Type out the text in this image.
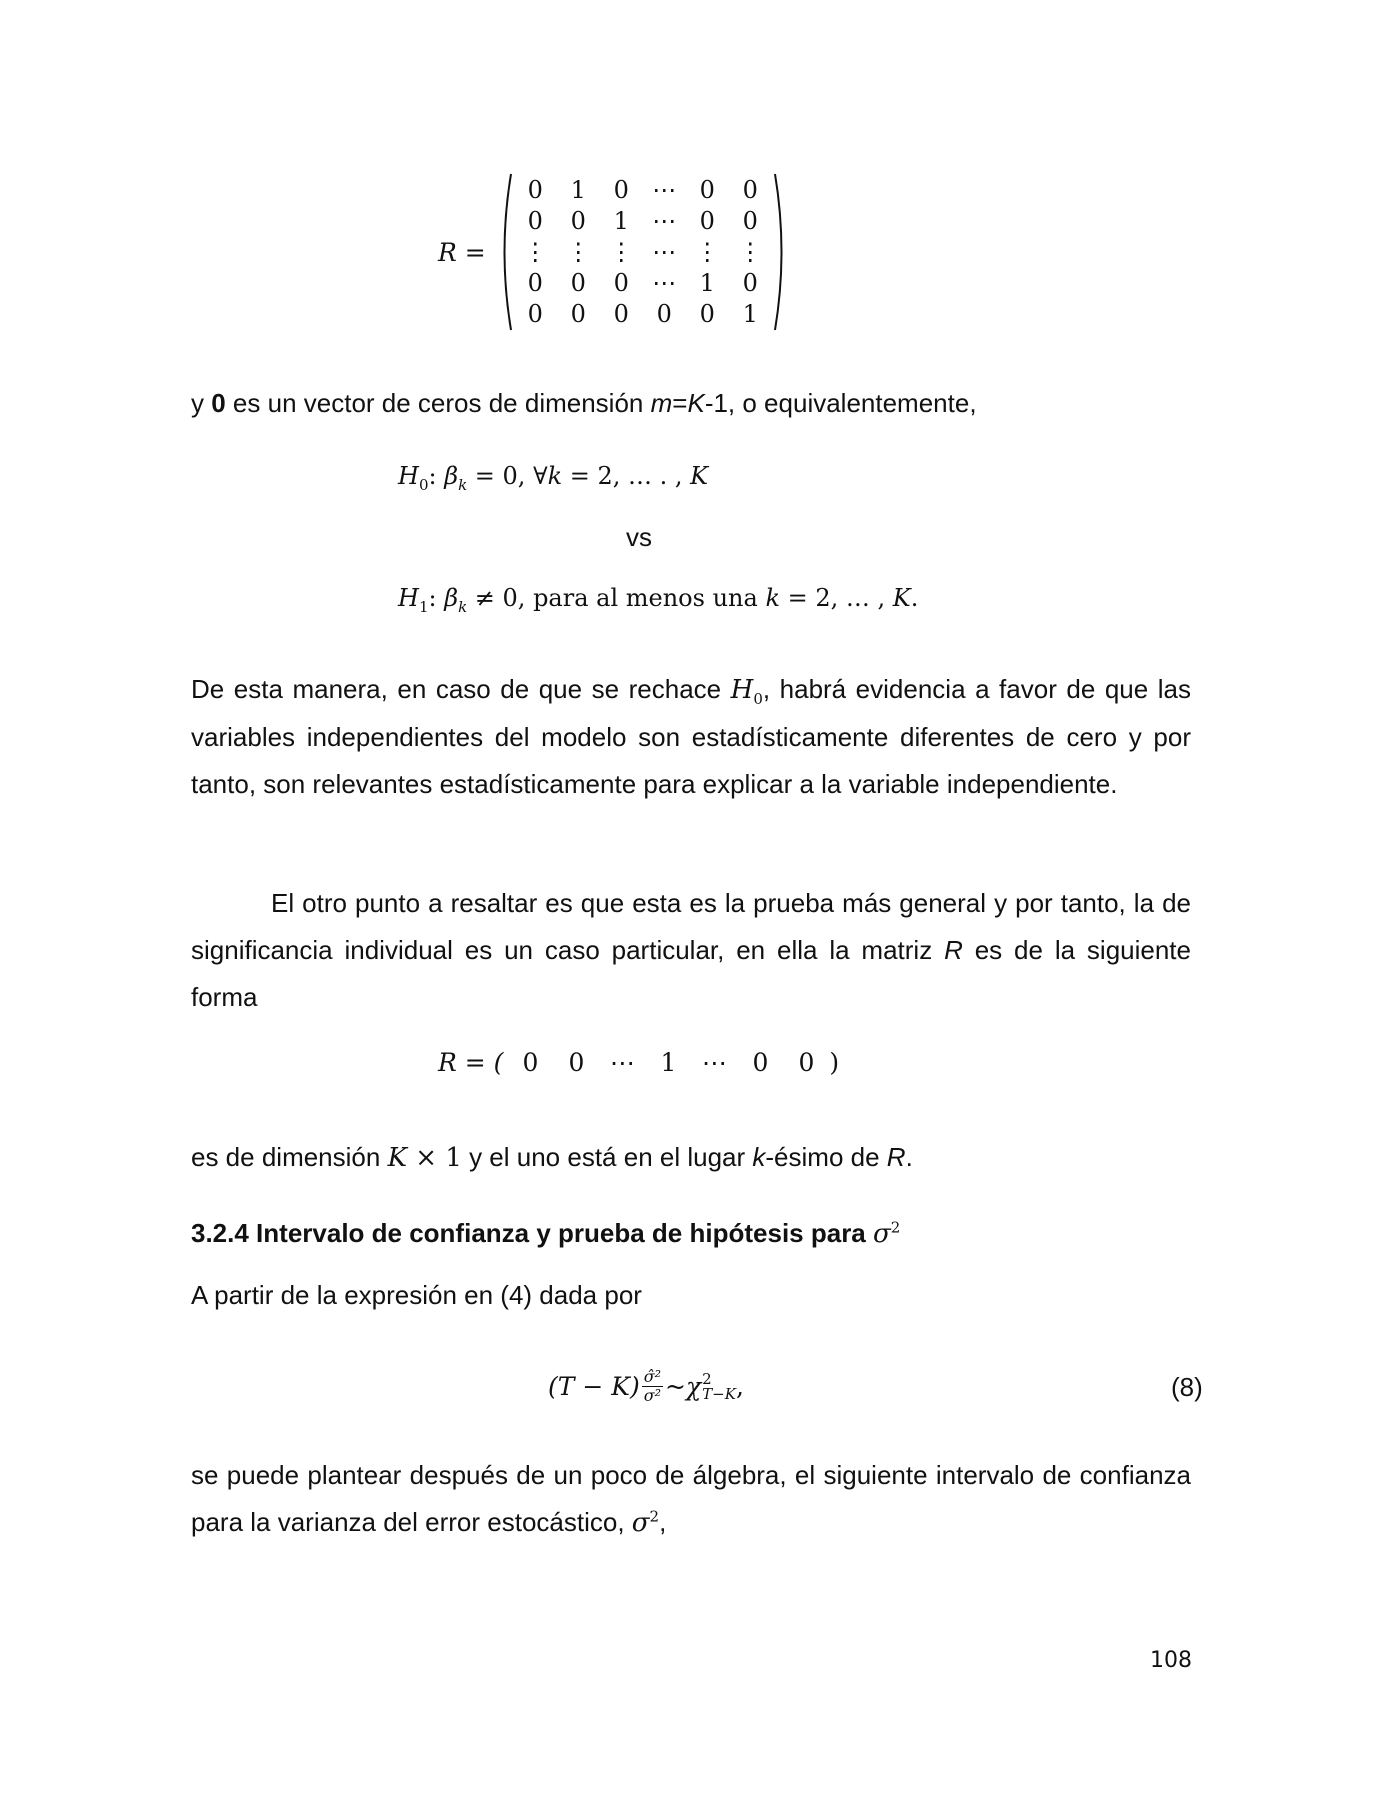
R =
0 1 0 ⋯ 0 0
0 0 1 ⋯ 0 0
⋮ ⋮ ⋮ ⋯ ⋮ ⋮
0 0 0 ⋯ 1 0
0 0 0 0 0 1
y 0 es un vector de ceros de dimensión m=K-1, o equivalentemente,
$H_0$: $\beta_k = 0$, ∀k = 2, … . , K
vs
$H_1$: $\beta_k \ne 0$, para al menos una k = 2, … , K.
De esta manera, en caso de que se rechace $H_0$, habrá evidencia a favor de que las variables independientes del modelo son estadísticamente diferentes de cero y por tanto, son relevantes estadísticamente para explicar a la variable independiente.
El otro punto a resaltar es que esta es la prueba más general y por tanto, la de significancia individual es un caso particular, en ella la matriz R es de la siguiente forma
R = ( 0	0	⋯	1	⋯	0	0 )
es de dimensión K × 1 y el uno está en el lugar k-ésimo de R.
3.2.4 Intervalo de confianza y prueba de hipótesis para $\sigma^2$
A partir de la expresión en (4) dada por
$(T - K) \frac{\text{σ̂²}}{\text{σ²}}$ ~ χ 2
T−K ,	(8)
se puede plantear después de un poco de álgebra, el siguiente intervalo de confianza para la varianza del error estocástico, $\sigma^2$,
108
